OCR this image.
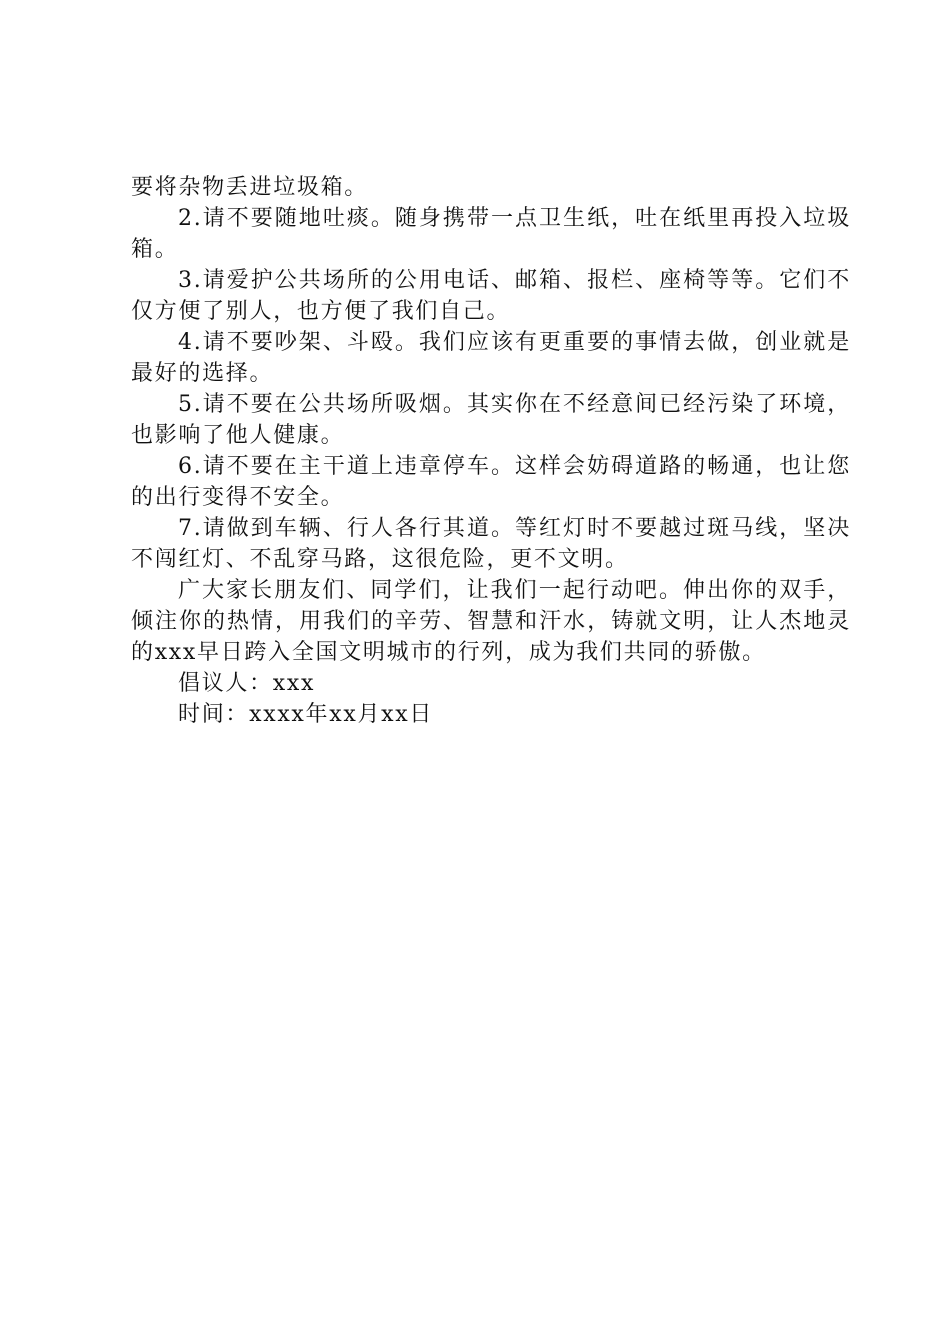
要将杂物丢进垃圾箱。

2.请不要随地吐痰。随身携带一点卫生纸，吐在纸里再投入垃圾箱。

3.请爱护公共场所的公用电话、邮箱、报栏、座椅等等。它们不仅方便了别人，也方便了我们自己。

4.请不要吵架、斗殴。我们应该有更重要的事情去做，创业就是最好的选择。

5.请不要在公共场所吸烟。其实你在不经意间已经污染了环境，也影响了他人健康。

6.请不要在主干道上违章停车。这样会妨碍道路的畅通，也让您的出行变得不安全。

7.请做到车辆、行人各行其道。等红灯时不要越过斑马线，坚决不闯红灯、不乱穿马路，这很危险，更不文明。

广大家长朋友们、同学们，让我们一起行动吧。伸出你的双手，倾注你的热情，用我们的辛劳、智慧和汗水，铸就文明，让人杰地灵的xxx早日跨入全国文明城市的行列，成为我们共同的骄傲。

倡议人：xxx

时间：xxxx年xx月xx日
